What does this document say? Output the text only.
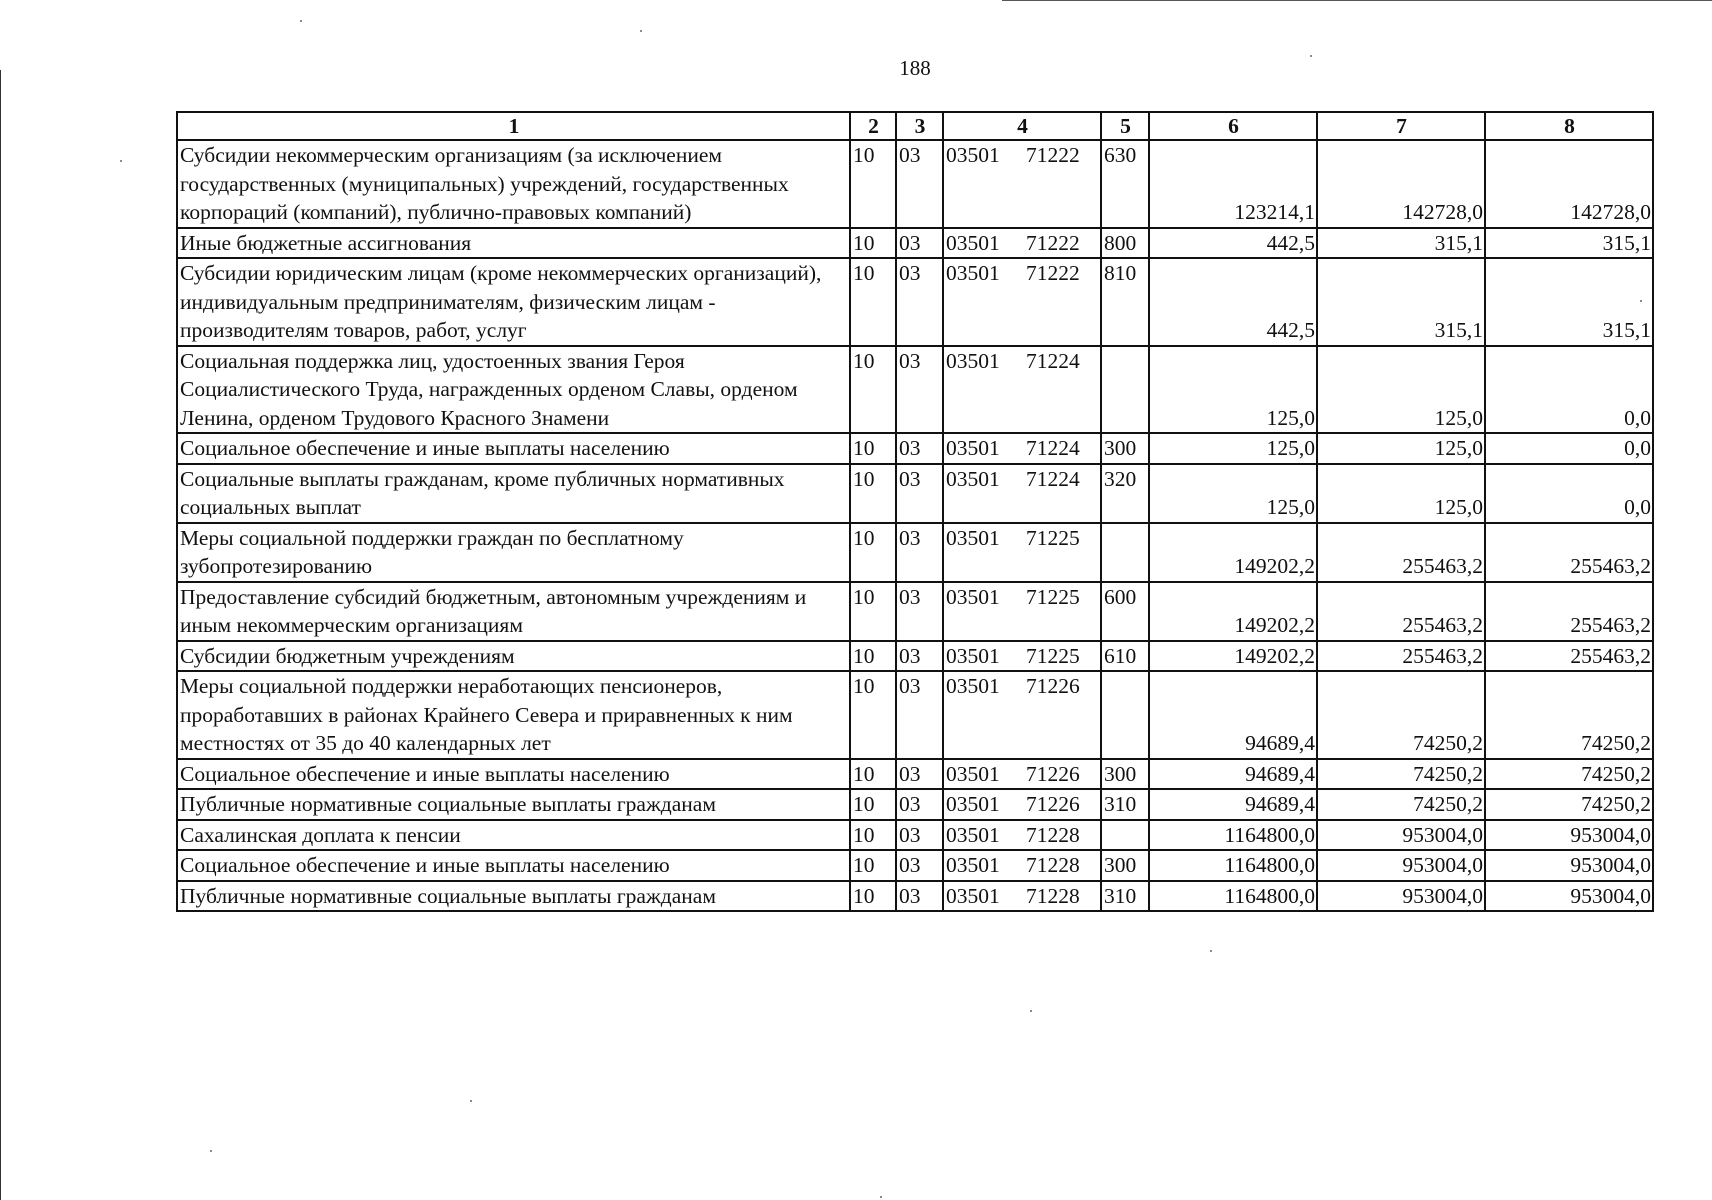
188
1	2	3	4	5	6	7	8
Субсидии некоммерческим организациям (за исключением государственных (муниципальных) учреждений, государственных корпораций (компаний), публично-правовых компаний)	10	03	03501 71222	630	123214,1	142728,0	142728,0
Иные бюджетные ассигнования	10	03	03501 71222	800	442,5	315,1	315,1
Субсидии юридическим лицам (кроме некоммерческих организаций), индивидуальным предпринимателям, физическим лицам - производителям товаров, работ, услуг	10	03	03501 71222	810	442,5	315,1	315,1
Социальная поддержка лиц, удостоенных звания Героя Социалистического Труда, награжденных орденом Славы, орденом Ленина, орденом Трудового Красного Знамени	10	03	03501 71224		125,0	125,0	0,0
Социальное обеспечение и иные выплаты населению	10	03	03501 71224	300	125,0	125,0	0,0
Социальные выплаты гражданам, кроме публичных нормативных социальных выплат	10	03	03501 71224	320	125,0	125,0	0,0
Меры социальной поддержки граждан по бесплатному зубопротезированию	10	03	03501 71225		149202,2	255463,2	255463,2
Предоставление субсидий бюджетным, автономным учреждениям и иным некоммерческим организациям	10	03	03501 71225	600	149202,2	255463,2	255463,2
Субсидии бюджетным учреждениям	10	03	03501 71225	610	149202,2	255463,2	255463,2
Меры социальной поддержки неработающих пенсионеров, проработавших в районах Крайнего Севера и приравненных к ним местностях от 35 до 40 календарных лет	10	03	03501 71226		94689,4	74250,2	74250,2
Социальное обеспечение и иные выплаты населению	10	03	03501 71226	300	94689,4	74250,2	74250,2
Публичные нормативные социальные выплаты гражданам	10	03	03501 71226	310	94689,4	74250,2	74250,2
Сахалинская доплата к пенсии	10	03	03501 71228		1164800,0	953004,0	953004,0
Социальное обеспечение и иные выплаты населению	10	03	03501 71228	300	1164800,0	953004,0	953004,0
Публичные нормативные социальные выплаты гражданам	10	03	03501 71228	310	1164800,0	953004,0	953004,0
